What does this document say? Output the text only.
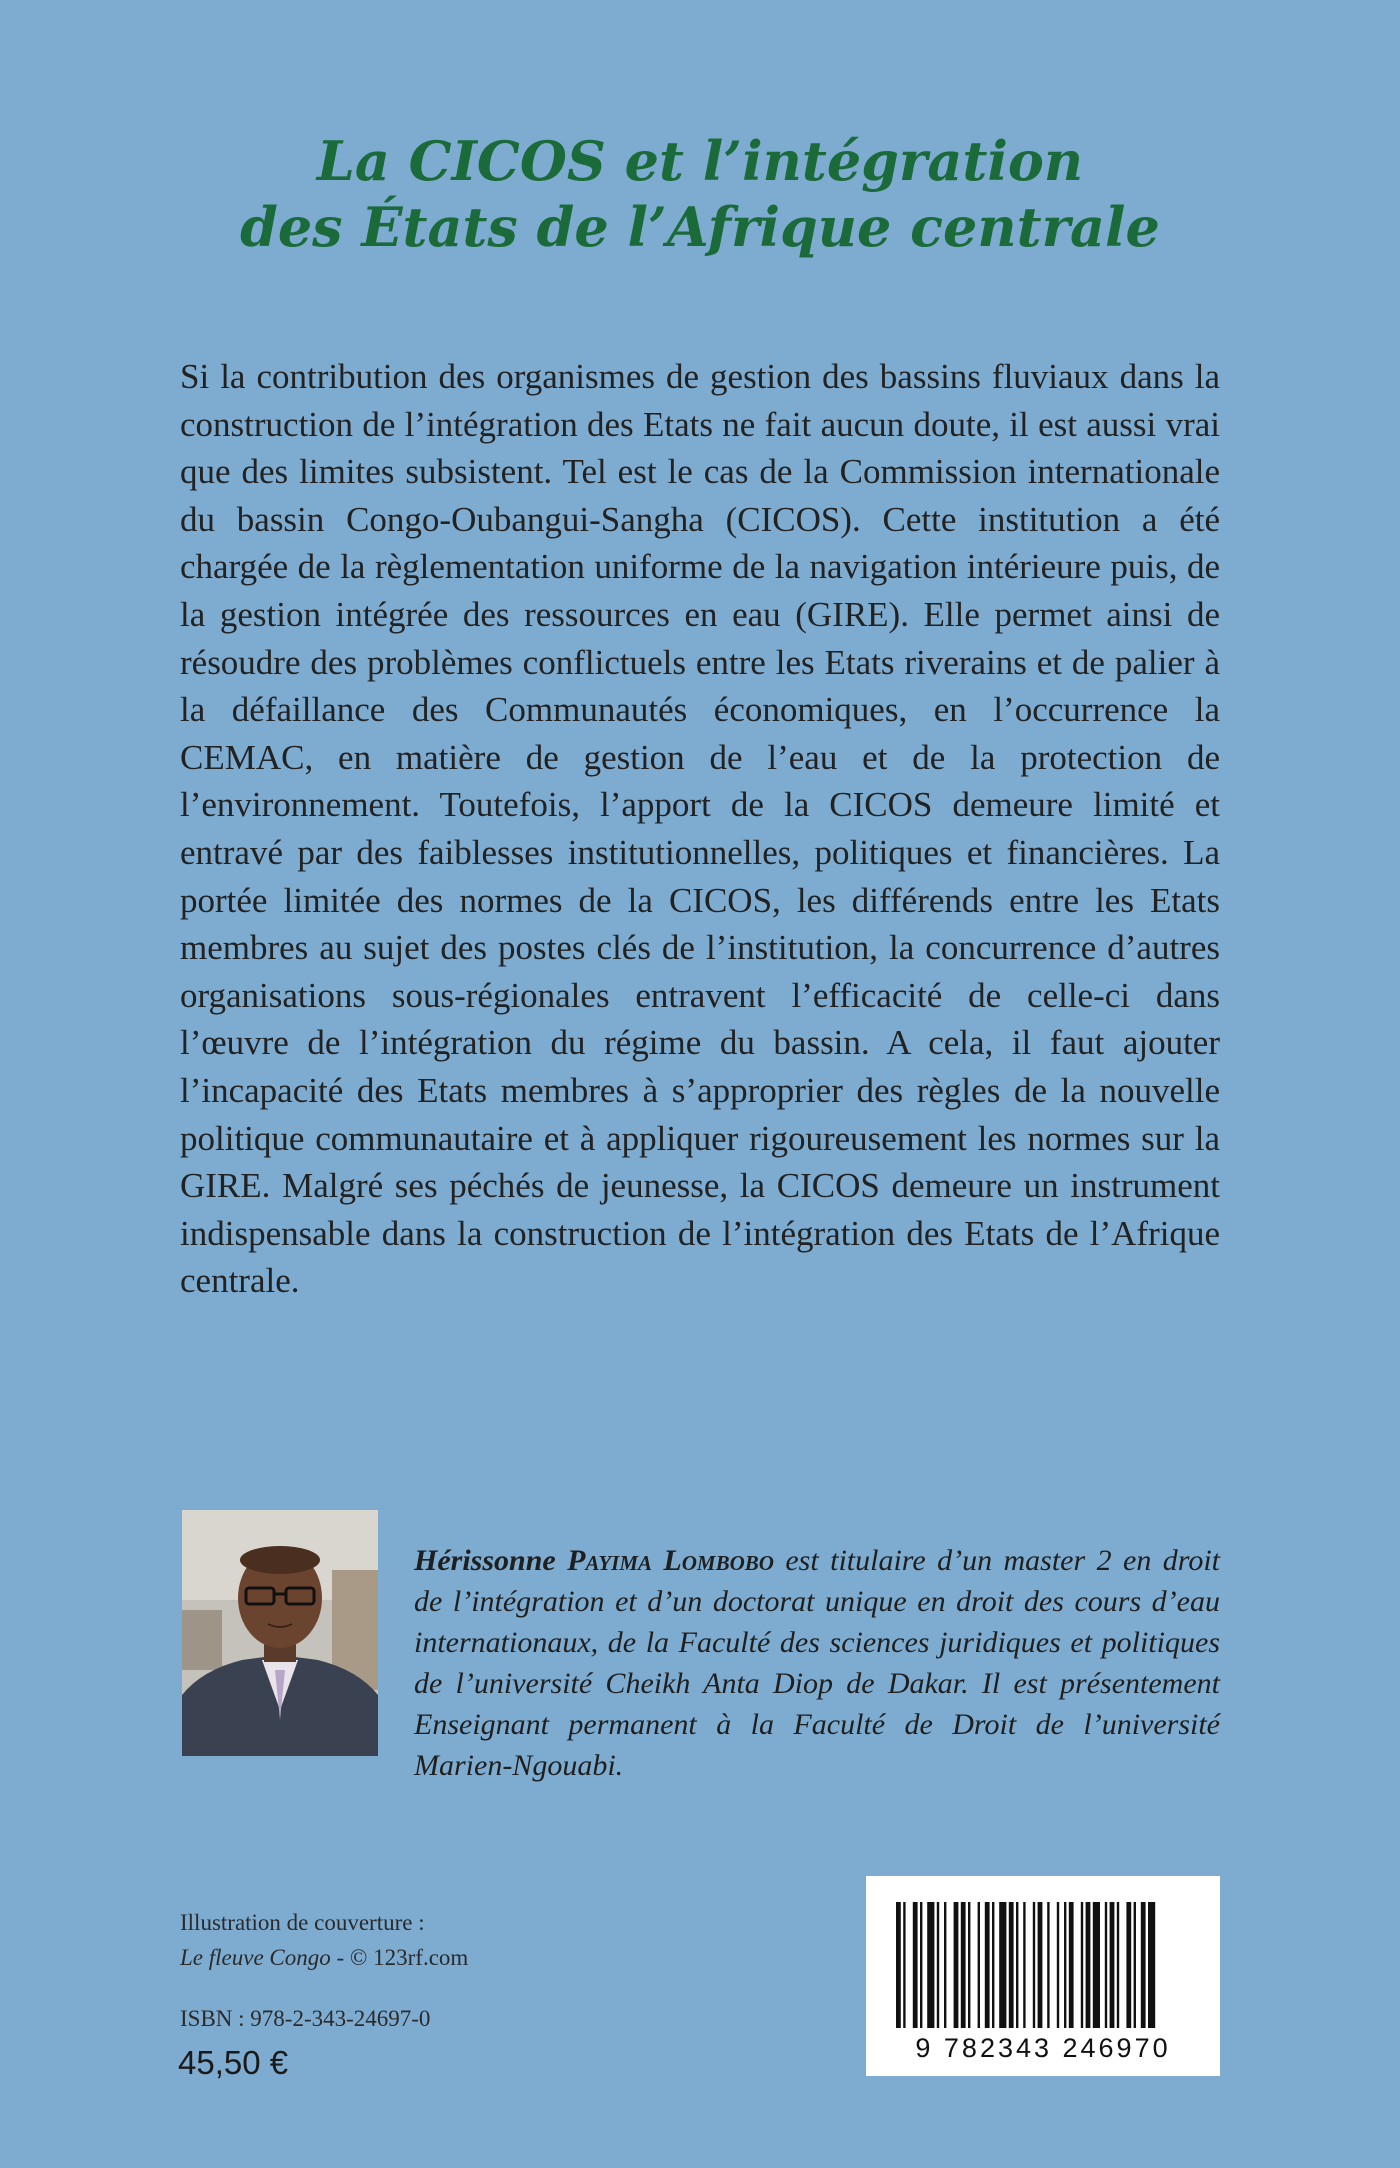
La CICOS et l’intégration
des États de l’Afrique centrale

Si la contribution des organismes de gestion des bassins fluviaux dans la construction de l’intégration des Etats ne fait aucun doute, il est aussi vrai que des limites subsistent. Tel est le cas de la Commission internationale du bassin Congo-Oubangui-Sangha (CICOS). Cette institution a été chargée de la règlementation uniforme de la navigation intérieure puis, de la gestion intégrée des ressources en eau (GIRE). Elle permet ainsi de résoudre des problèmes conflictuels entre les Etats riverains et de palier à la défaillance des Communautés économiques, en l’occurrence la CEMAC, en matière de gestion de l’eau et de la protection de l’environnement. Toutefois, l’apport de la CICOS demeure limité et entravé par des faiblesses institutionnelles, politiques et financières. La portée limitée des normes de la CICOS, les différends entre les Etats membres au sujet des postes clés de l’institution, la concurrence d’autres organisations sous-régionales entravent l’efficacité de celle-ci dans l’œuvre de l’intégration du régime du bassin. A cela, il faut ajouter l’incapacité des Etats membres à s’approprier des règles de la nouvelle politique communautaire et à appliquer rigoureusement les normes sur la GIRE. Malgré ses péchés de jeunesse, la CICOS demeure un instrument indispensable dans la construction de l’intégration des Etats de l’Afrique centrale.

Hérissonne Payima Lombobo est titulaire d’un master 2 en droit de l’intégration et d’un doctorat unique en droit des cours d’eau internationaux, de la Faculté des sciences juridiques et politiques de l’université Cheikh Anta Diop de Dakar. Il est présentement Enseignant permanent à la Faculté de Droit de l’université Marien-Ngouabi.

Illustration de couverture :
Le fleuve Congo - © 123rf.com
ISBN : 978-2-343-24697-0
45,50 €	9 782343 246970
